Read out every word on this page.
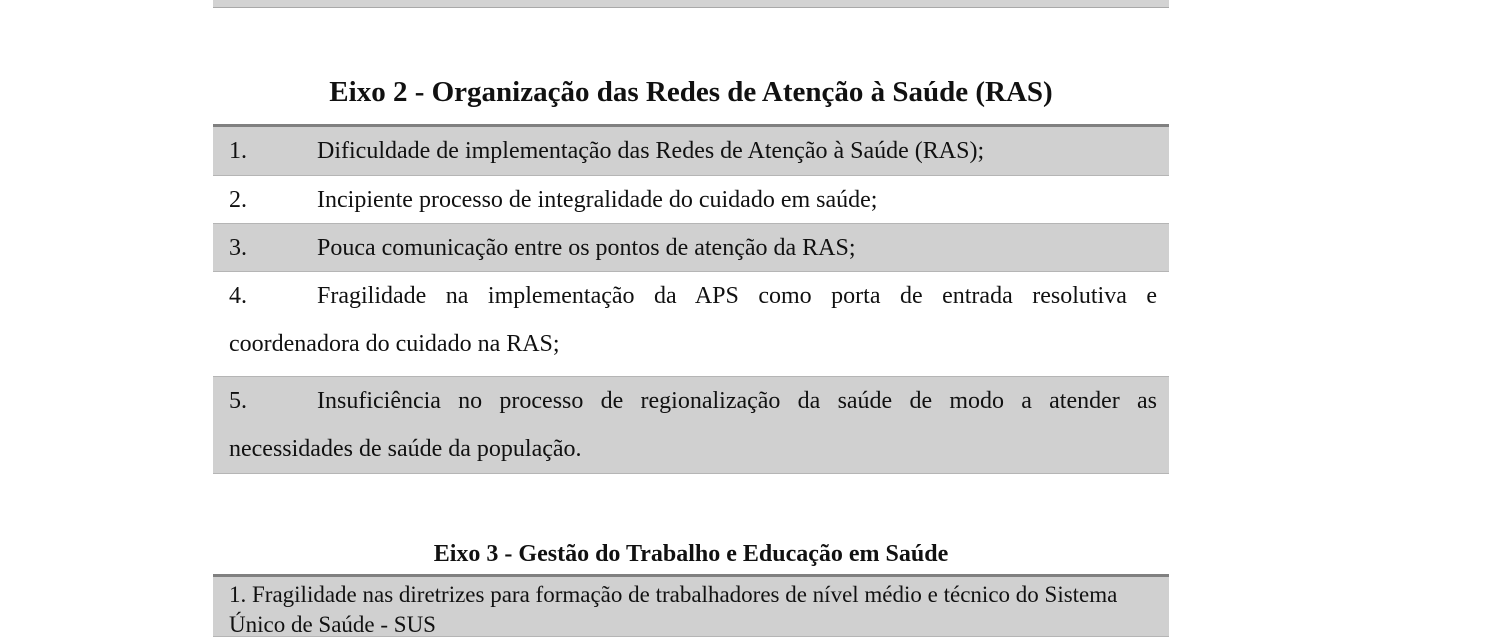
Eixo 2 - Organização das Redes de Atenção à Saúde (RAS)
1.	Dificuldade de implementação das Redes de Atenção à Saúde (RAS);
2.	Incipiente processo de integralidade do cuidado em saúde;
3.	Pouca comunicação entre os pontos de atenção da RAS;
4.	Fragilidade na implementação da APS como porta de entrada resolutiva e coordenadora do cuidado na RAS;
5.	Insuficiência no processo de regionalização da saúde de modo a atender as necessidades de saúde da população.
Eixo 3 - Gestão do Trabalho e Educação em Saúde
1. Fragilidade nas diretrizes para formação de trabalhadores de nível médio e técnico do Sistema Único de Saúde - SUS
